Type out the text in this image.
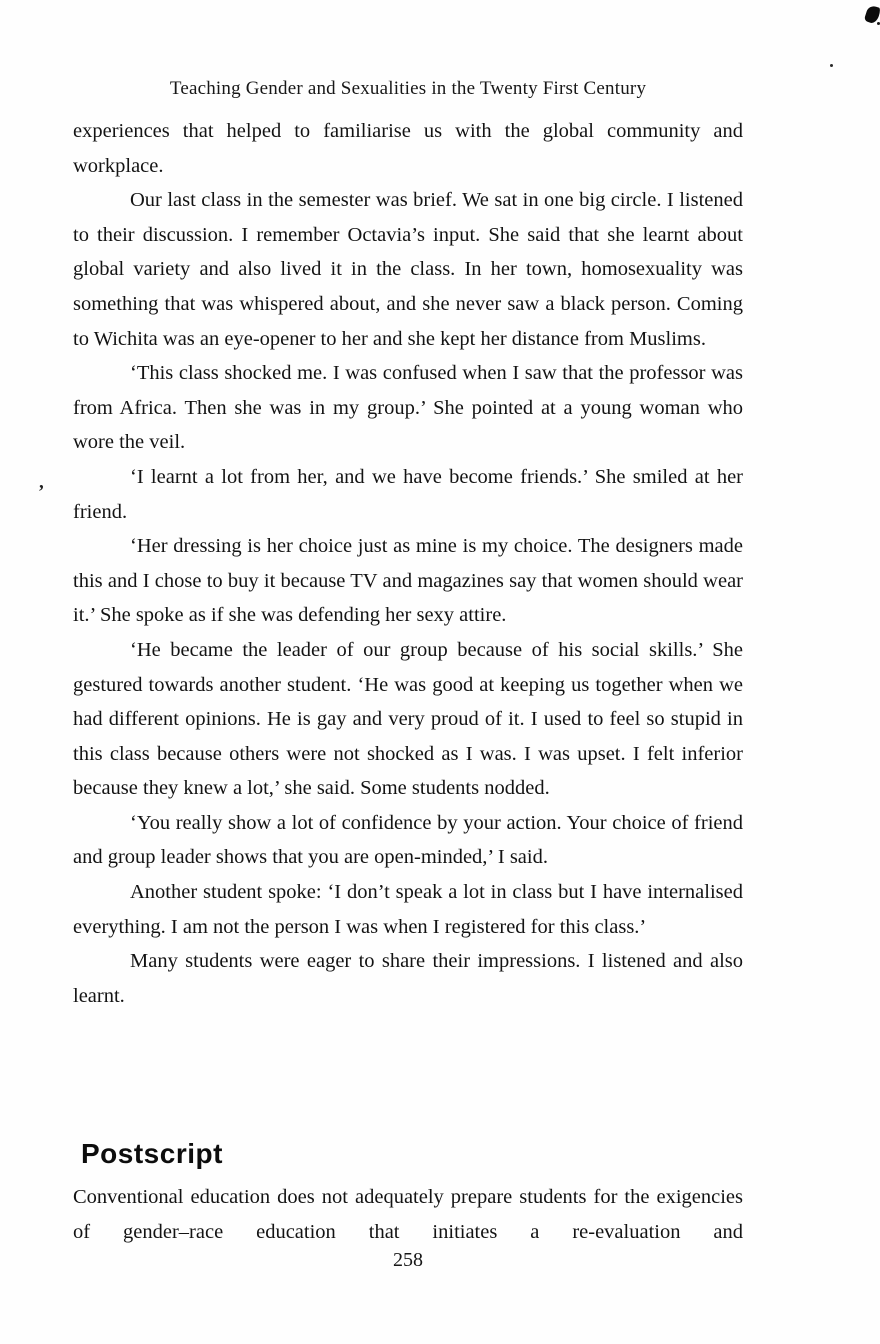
Teaching Gender and Sexualities in the Twenty First Century

experiences that helped to familiarise us with the global community and workplace.

Our last class in the semester was brief. We sat in one big circle. I listened to their discussion. I remember Octavia’s input. She said that she learnt about global variety and also lived it in the class. In her town, homosexuality was something that was whispered about, and she never saw a black person. Coming to Wichita was an eye-opener to her and she kept her distance from Muslims.

‘This class shocked me. I was confused when I saw that the professor was from Africa. Then she was in my group.’ She pointed at a young woman who wore the veil.

‘I learnt a lot from her, and we have become friends.’ She smiled at her friend.

‘Her dressing is her choice just as mine is my choice. The designers made this and I chose to buy it because TV and magazines say that women should wear it.’ She spoke as if she was defending her sexy attire.

‘He became the leader of our group because of his social skills.’ She gestured towards another student. ‘He was good at keeping us together when we had different opinions. He is gay and very proud of it. I used to feel so stupid in this class because others were not shocked as I was. I was upset. I felt inferior because they knew a lot,’ she said. Some students nodded.

‘You really show a lot of confidence by your action. Your choice of friend and group leader shows that you are open-minded,’ I said.

Another student spoke: ‘I don’t speak a lot in class but I have internalised everything. I am not the person I was when I registered for this class.’

Many students were eager to share their impressions. I listened and also learnt.

Postscript

Conventional education does not adequately prepare students for the exigencies of gender–race education that initiates a re-evaluation and

258
,
